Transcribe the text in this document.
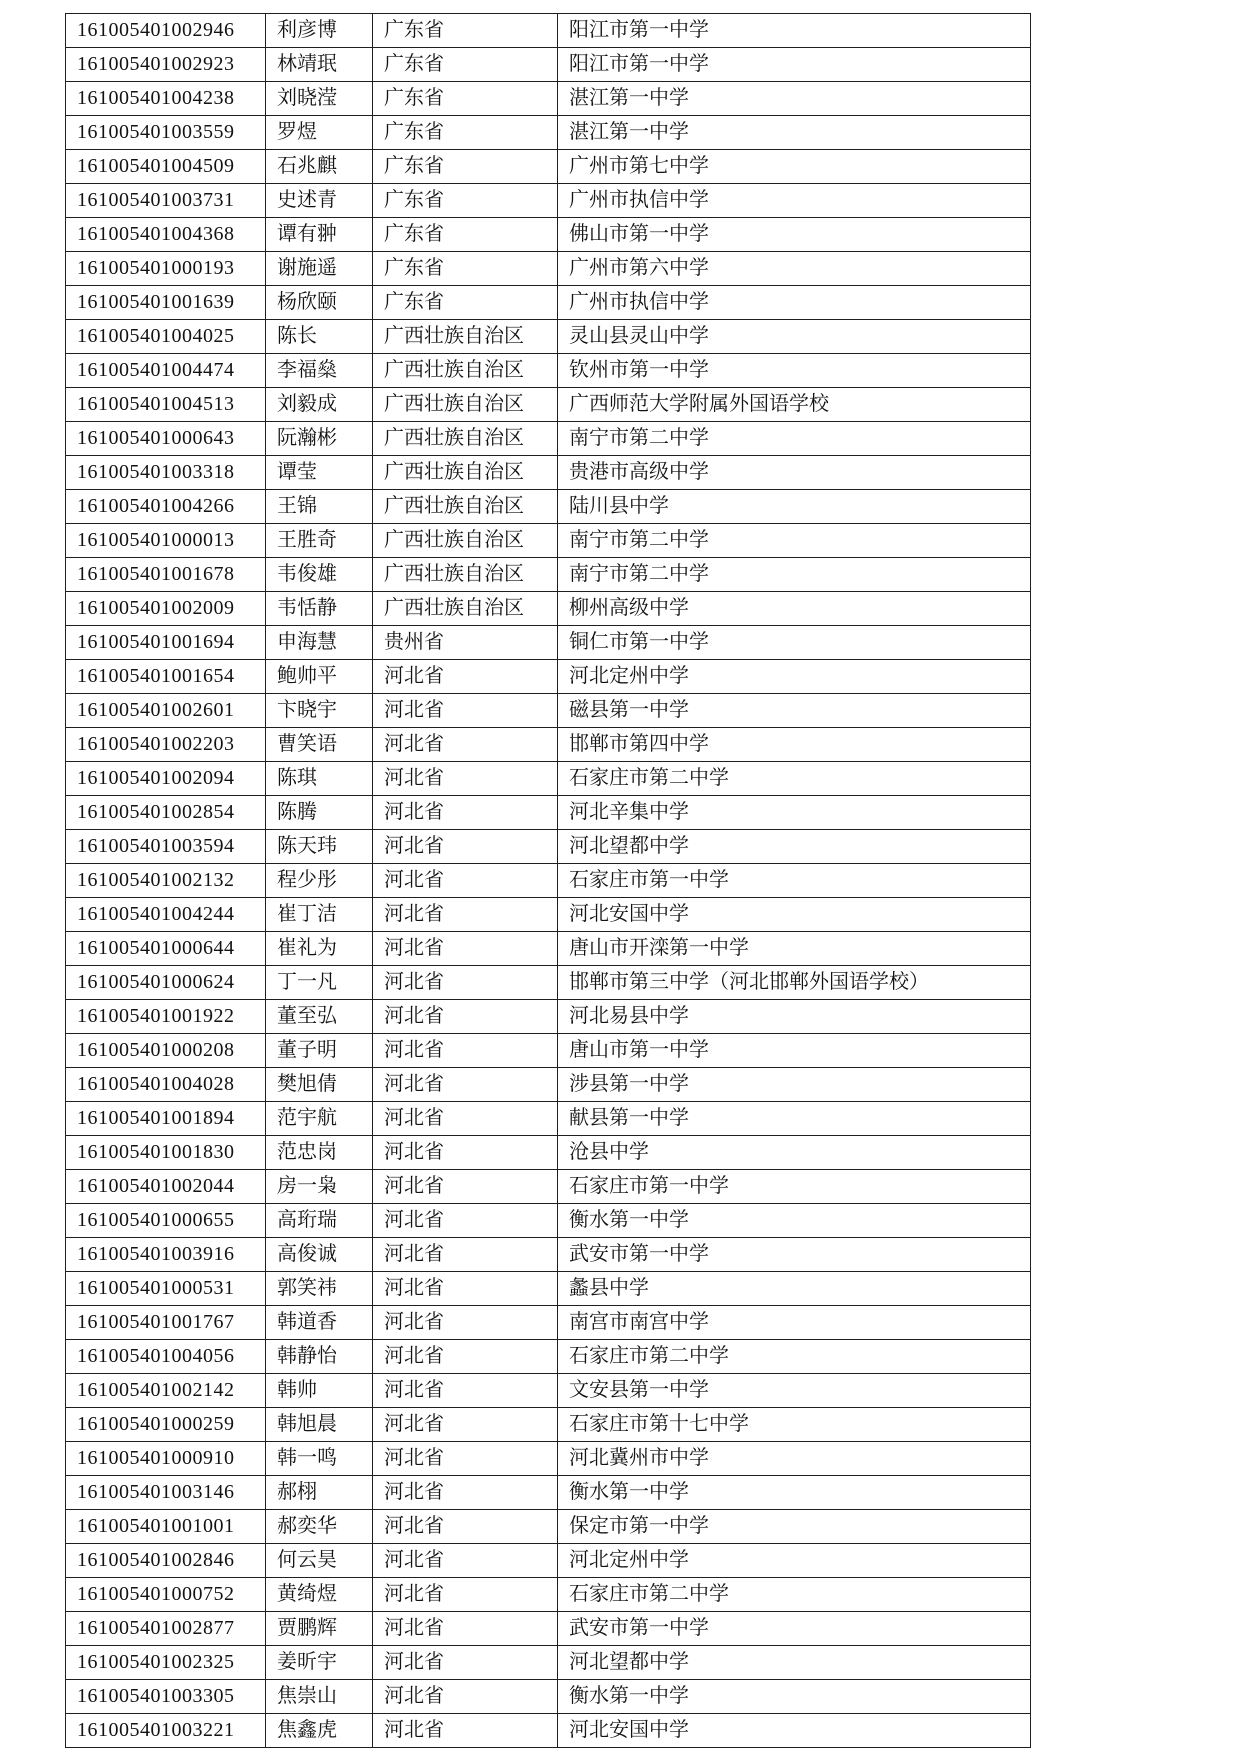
161005401002946	利彦博	广东省	阳江市第一中学
161005401002923	林靖珉	广东省	阳江市第一中学
161005401004238	刘晓滢	广东省	湛江第一中学
161005401003559	罗煜	广东省	湛江第一中学
161005401004509	石兆麒	广东省	广州市第七中学
161005401003731	史述青	广东省	广州市执信中学
161005401004368	谭有翀	广东省	佛山市第一中学
161005401000193	谢施遥	广东省	广州市第六中学
161005401001639	杨欣颐	广东省	广州市执信中学
161005401004025	陈长	广西壮族自治区	灵山县灵山中学
161005401004474	李福燊	广西壮族自治区	钦州市第一中学
161005401004513	刘毅成	广西壮族自治区	广西师范大学附属外国语学校
161005401000643	阮瀚彬	广西壮族自治区	南宁市第二中学
161005401003318	谭莹	广西壮族自治区	贵港市高级中学
161005401004266	王锦	广西壮族自治区	陆川县中学
161005401000013	王胜奇	广西壮族自治区	南宁市第二中学
161005401001678	韦俊雄	广西壮族自治区	南宁市第二中学
161005401002009	韦恬静	广西壮族自治区	柳州高级中学
161005401001694	申海慧	贵州省	铜仁市第一中学
161005401001654	鲍帅平	河北省	河北定州中学
161005401002601	卞晓宇	河北省	磁县第一中学
161005401002203	曹笑语	河北省	邯郸市第四中学
161005401002094	陈琪	河北省	石家庄市第二中学
161005401002854	陈腾	河北省	河北辛集中学
161005401003594	陈天玮	河北省	河北望都中学
161005401002132	程少彤	河北省	石家庄市第一中学
161005401004244	崔丁洁	河北省	河北安国中学
161005401000644	崔礼为	河北省	唐山市开滦第一中学
161005401000624	丁一凡	河北省	邯郸市第三中学（河北邯郸外国语学校）
161005401001922	董至弘	河北省	河北易县中学
161005401000208	董子明	河北省	唐山市第一中学
161005401004028	樊旭倩	河北省	涉县第一中学
161005401001894	范宇航	河北省	献县第一中学
161005401001830	范忠岗	河北省	沧县中学
161005401002044	房一枭	河北省	石家庄市第一中学
161005401000655	高珩瑞	河北省	衡水第一中学
161005401003916	高俊诚	河北省	武安市第一中学
161005401000531	郭笑祎	河北省	蠡县中学
161005401001767	韩道香	河北省	南宫市南宫中学
161005401004056	韩静怡	河北省	石家庄市第二中学
161005401002142	韩帅	河北省	文安县第一中学
161005401000259	韩旭晨	河北省	石家庄市第十七中学
161005401000910	韩一鸣	河北省	河北冀州市中学
161005401003146	郝栩	河北省	衡水第一中学
161005401001001	郝奕华	河北省	保定市第一中学
161005401002846	何云昊	河北省	河北定州中学
161005401000752	黄绮煜	河北省	石家庄市第二中学
161005401002877	贾鹏辉	河北省	武安市第一中学
161005401002325	姜昕宇	河北省	河北望都中学
161005401003305	焦崇山	河北省	衡水第一中学
161005401003221	焦鑫虎	河北省	河北安国中学
